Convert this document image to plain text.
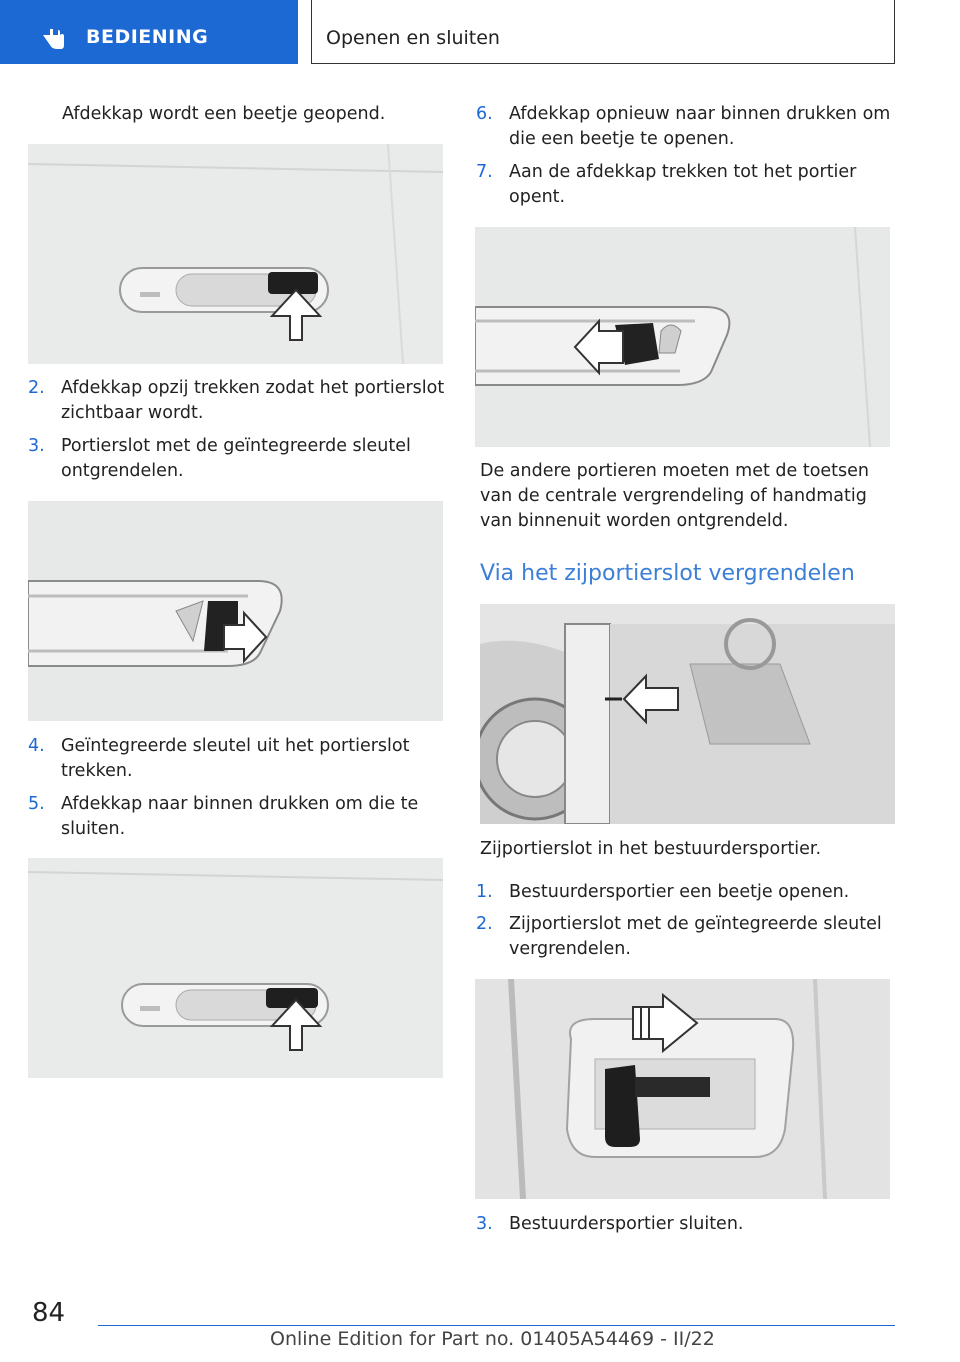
BEDIENING	Openen en sluiten
Afdekkap wordt een beetje geopend.
2. Afdekkap opzij trekken zodat het portierslot zichtbaar wordt.
3. Portierslot met de geïntegreerde sleutel ontgrendelen.
4. Geïntegreerde sleutel uit het portierslot trekken.
5. Afdekkap naar binnen drukken om die te sluiten.
6. Afdekkap opnieuw naar binnen drukken om die een beetje te openen.
7. Aan de afdekkap trekken tot het portier opent.
De andere portieren moeten met de toetsen van de centrale vergrendeling of handmatig van binnenuit worden ontgrendeld.
Via het zijportierslot vergrendelen
Zijportierslot in het bestuurdersportier.
1. Bestuurdersportier een beetje openen.
2. Zijportierslot met de geïntegreerde sleutel vergrendelen.
3. Bestuurdersportier sluiten.
84
Online Edition for Part no. 01405A54469 - II/22
